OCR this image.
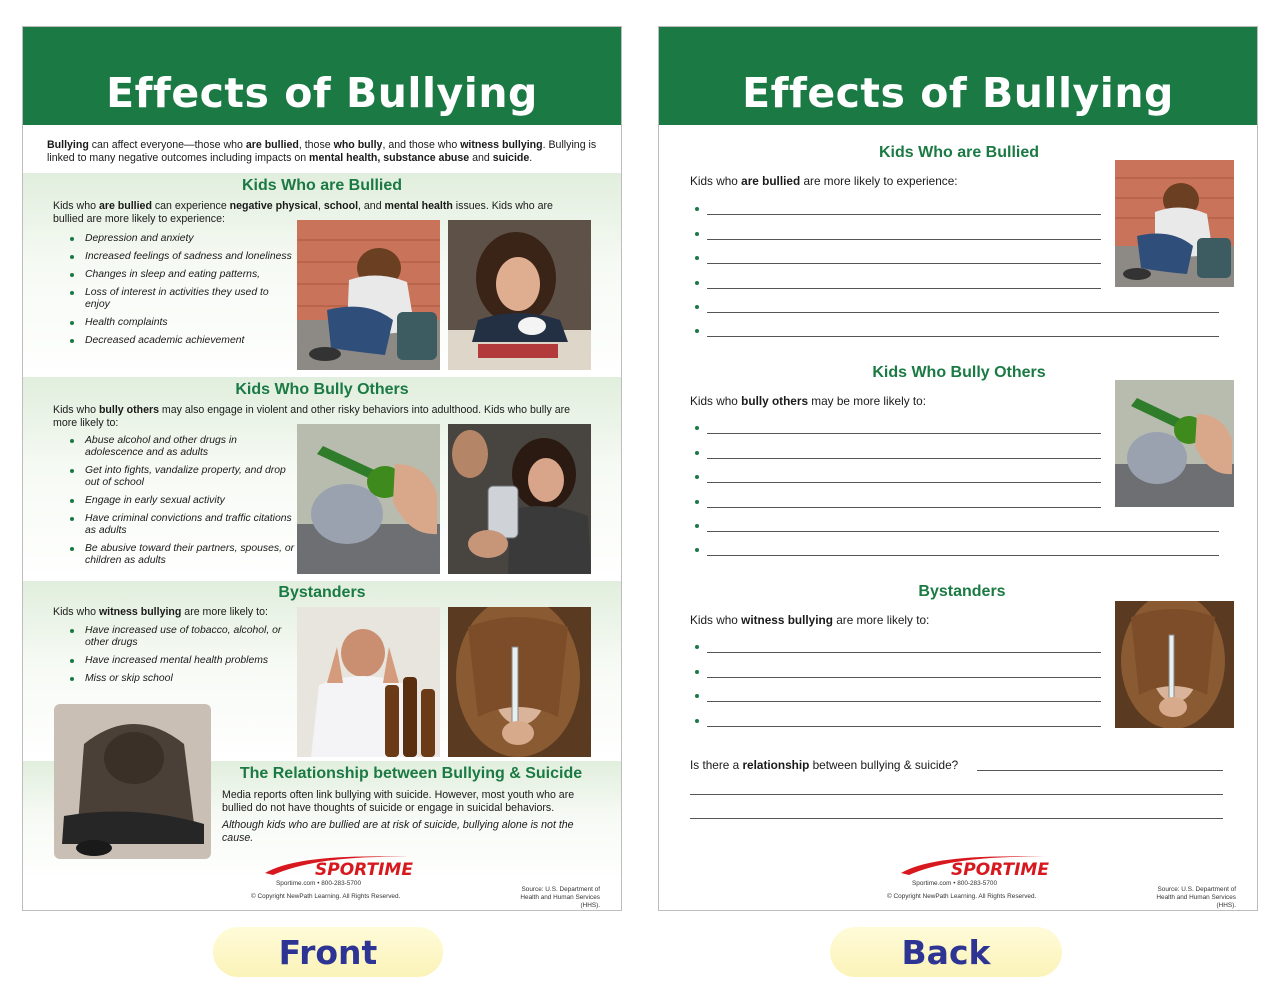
Effects of Bullying

Bullying can affect everyone—those who are bullied, those who bully, and those who witness bullying. Bullying is linked to many negative outcomes including impacts on mental health, substance abuse and suicide.

Kids Who are Bullied

Kids who are bullied can experience negative physical, school, and mental health issues. Kids who are bullied are more likely to experience:

Depression and anxiety
Increased feelings of sadness and loneliness
Changes in sleep and eating patterns,
Loss of interest in activities they used to enjoy
Health complaints
Decreased academic achievement
Kids Who Bully Others

Kids who bully others may also engage in violent and other risky behaviors into adulthood. Kids who bully are more likely to:

Abuse alcohol and other drugs in adolescence and as adults
Get into fights, vandalize property, and drop out of school
Engage in early sexual activity
Have criminal convictions and traffic citations as adults
Be abusive toward their partners, spouses, or children as adults
Bystanders

Kids who witness bullying are more likely to:

Have increased use of tobacco, alcohol, or other drugs
Have increased mental health problems
Miss or skip school
The Relationship between Bullying & Suicide

Media reports often link bullying with suicide. However, most youth who are bullied do not have thoughts of suicide or engage in suicidal behaviors.

Although kids who are bullied are at risk of suicide, bullying alone is not the cause.

SPORTIME
Sportime.com • 800-283-5700
© Copyright NewPath Learning. All Rights Reserved.
Source: U.S. Department of Health and Human Services (HHS).
Effects of Bullying
Kids Who are Bullied
Kids who are bullied are more likely to experience:
Kids Who Bully Others
Kids who bully others may be more likely to:
Bystanders
Kids who witness bullying are more likely to:
Is there a relationship between bullying & suicide?
SPORTIME
Sportime.com • 800-283-5700
© Copyright NewPath Learning. All Rights Reserved.
Source: U.S. Department of Health and Human Services (HHS).
Front	Back
